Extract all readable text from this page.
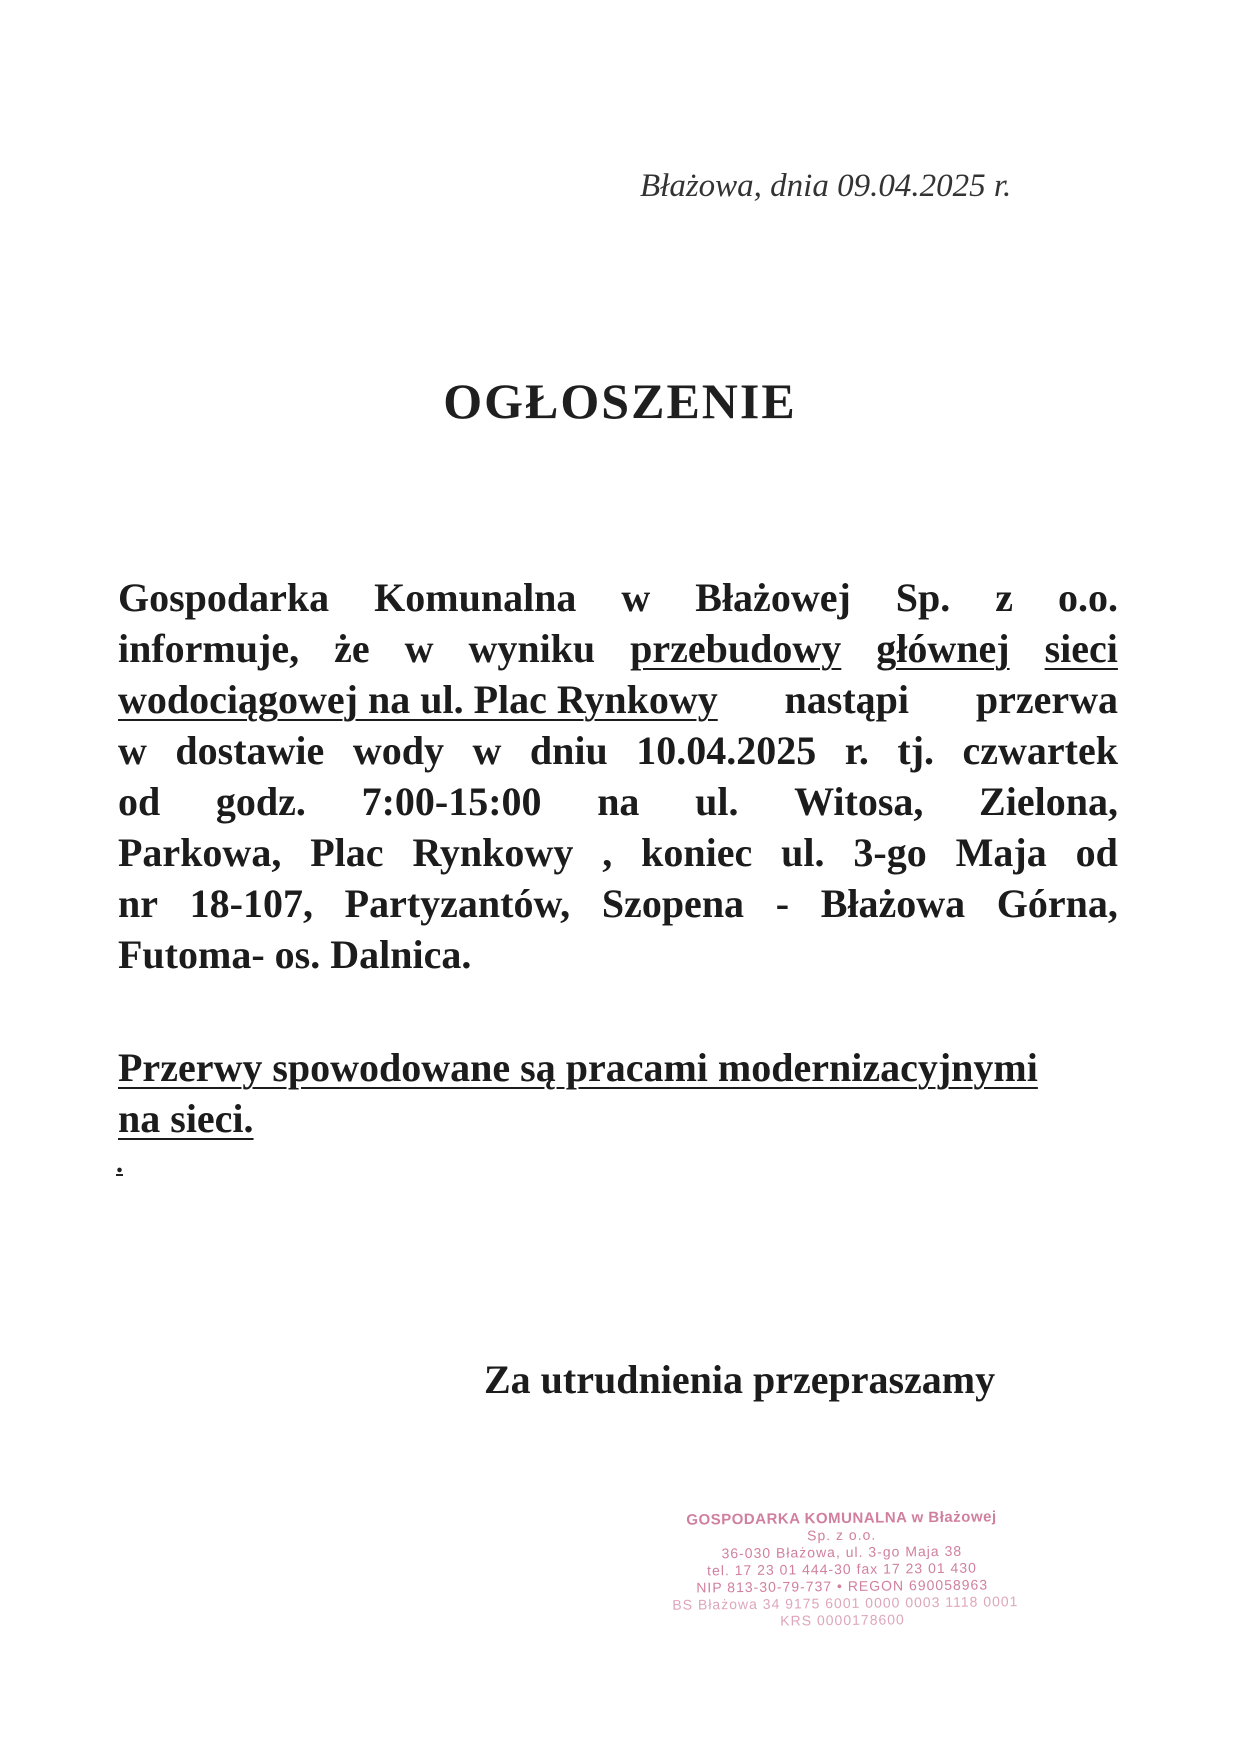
Błażowa, dnia 09.04.2025 r.
OGŁOSZENIE
Gospodarka Komunalna w Błażowej Sp. z o.o.
informuje, że w wyniku przebudowy głównej sieci
wodociągowej na ul. Plac Rynkowy nastąpi przerwa
w dostawie wody w dniu 10.04.2025 r. tj. czwartek
od godz. 7:00-15:00 na ul. Witosa, Zielona,
Parkowa, Plac Rynkowy , koniec ul. 3-go Maja od
nr 18-107, Partyzantów, Szopena - Błażowa Górna,
Futoma- os. Dalnica.
Przerwy spowodowane są pracami modernizacyjnymi
na sieci.
.
Za utrudnienia przepraszamy
GOSPODARKA KOMUNALNA w Błażowej
Sp. z o.o.
36-030 Błażowa, ul. 3-go Maja 38
tel. 17 23 01 444-30 fax 17 23 01 430
NIP 813-30-79-737 • REGON 690058963
BS Błażowa 34 9175 6001 0000 0003 1118 0001
KRS 0000178600
